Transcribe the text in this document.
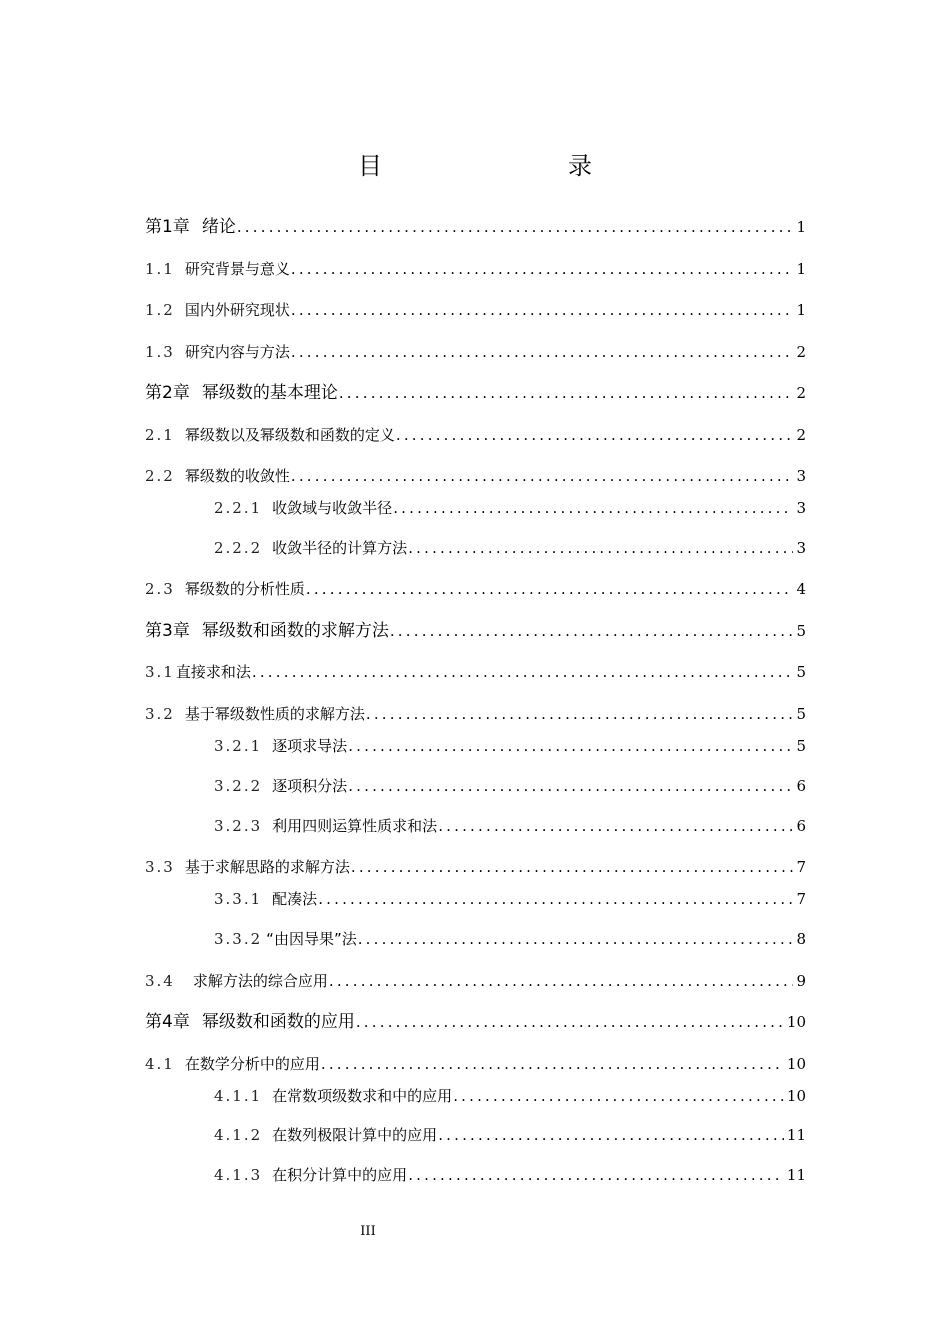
目　　录
第1章 绪论 .....	1
1.1 研究背景与意义 .....	1
1.2 国内外研究现状 .....	1
1.3 研究内容与方法 .....	2
第2章 幂级数的基本理论 .....	2
2.1 幂级数以及幂级数和函数的定义 .....	2
2.2 幂级数的收敛性 .....	3
2.2.1 收敛域与收敛半径 .....	3
2.2.2 收敛半径的计算方法 .....	3
2.3 幂级数的分析性质 .....	4
第3章 幂级数和函数的求解方法 .....	5
3.1 直接求和法 .....	5
3.2 基于幂级数性质的求解方法 .....	5
3.2.1 逐项求导法 .....	5
3.2.2 逐项积分法 .....	6
3.2.3 利用四则运算性质求和法 .....	6
3.3 基于求解思路的求解方法 .....	7
3.3.1 配凑法 .....	7
3.3.2 “由因导果”法 .....	8
3.4 求解方法的综合应用 .....	9
第4章 幂级数和函数的应用 .....	10
4.1 在数学分析中的应用 .....	10
4.1.1 在常数项级数求和中的应用 .....	10
4.1.2 在数列极限计算中的应用 .....	11
4.1.3 在积分计算中的应用 .....	11
III
